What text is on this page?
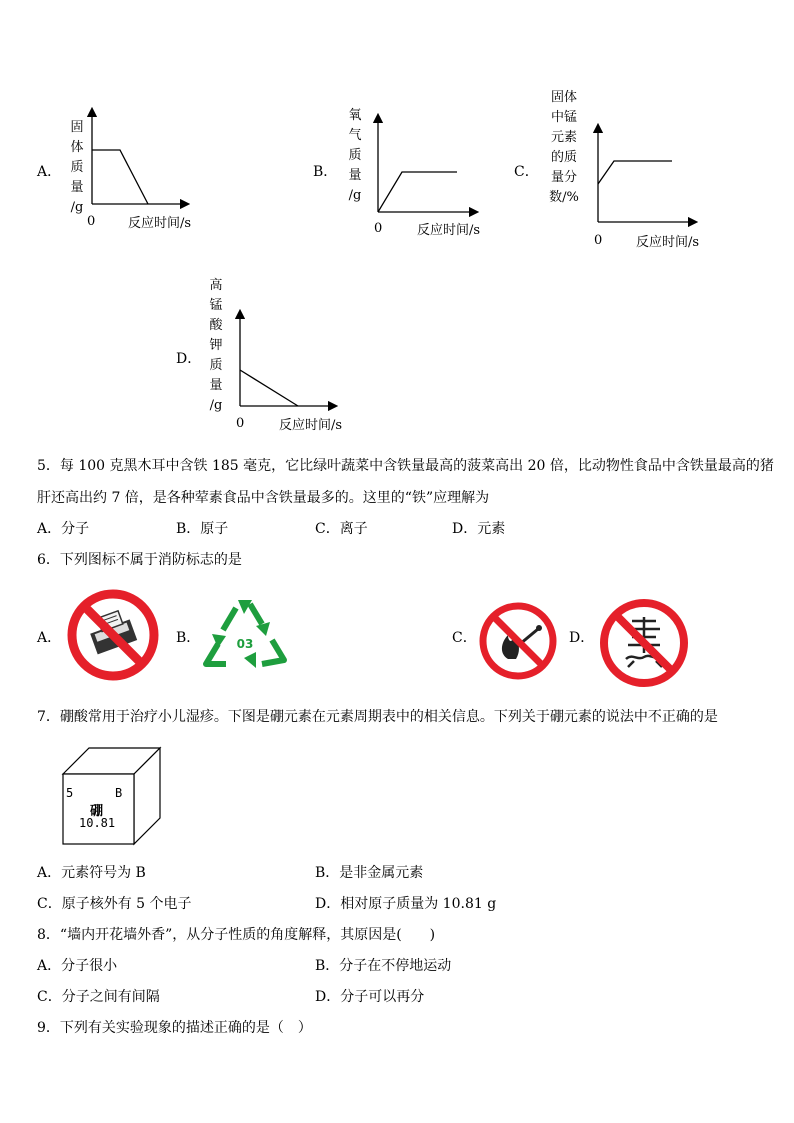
A．
固
体
质
量
/g
0	反应时间/s
B．
氧
气
质
量
/g
0	反应时间/s
C．
固体
中锰
元素
的质
量分
数/%
0	反应时间/s
D．
高
锰
酸
钾
质
量
/g
0	反应时间/s
5．每 100 克黑木耳中含铁 185 毫克，它比绿叶蔬菜中含铁量最高的菠菜高出 20 倍，比动物性食品中含铁量最高的猪
肝还高出约 7 倍，是各种荤素食品中含铁量最多的。这里的“铁”应理解为
A．分子	B．原子	C．离子	D．元素
6．下列图标不属于消防标志的是
A．	B．	03	C．	D．
7．硼酸常用于治疗小儿湿疹。下图是硼元素在元素周期表中的相关信息。下列关于硼元素的说法中不正确的是
5	B
硼
10.81
A．元素符号为 B	B．是非金属元素
C．原子核外有 5 个电子	D．相对原子质量为 10.81 g
8．“墙内开花墙外香”，从分子性质的角度解释，其原因是(　　)
A．分子很小	B．分子在不停地运动
C．分子之间有间隔	D．分子可以再分
9．下列有关实验现象的描述正确的是（　）
